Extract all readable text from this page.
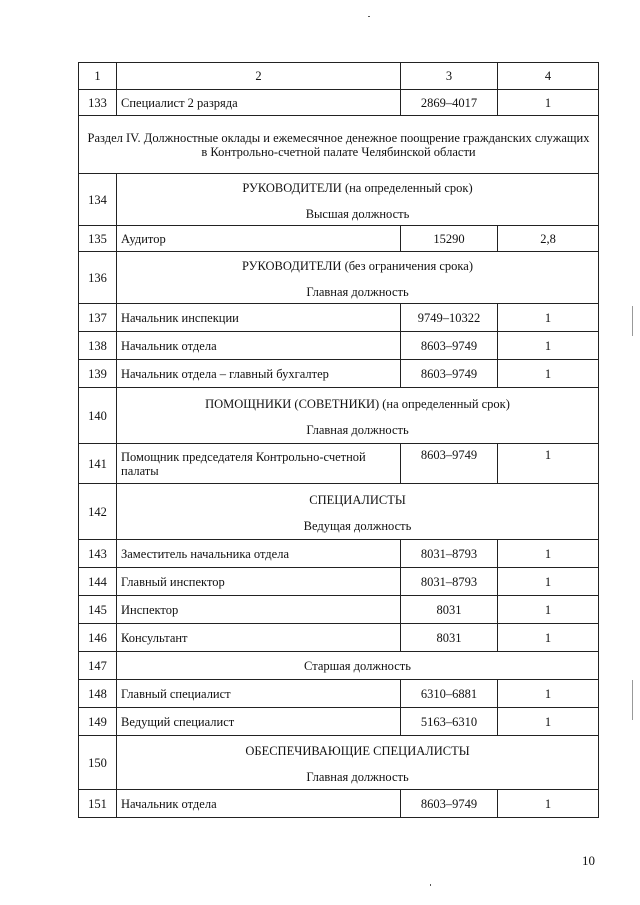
1	2	3	4
133	Специалист 2 разряда	2869–4017	1
Раздел IV. Должностные оклады и ежемесячное денежное поощрение гражданских служащих в Контрольно-счетной палате Челябинской области			
134	РУКОВОДИТЕЛИ (на определенный срок)
Высшая должность		

135	Аудитор	15290	2,8
136	РУКОВОДИТЕЛИ (без ограничения срока)
Главная должность		

137	Начальник инспекции	9749–10322	1
138	Начальник отдела	8603–9749	1
139	Начальник отдела – главный бухгалтер	8603–9749	1
140	ПОМОЩНИКИ (СОВЕТНИКИ) (на определенный срок)
Главная должность		

141	Помощник председателя Контрольно-счетной палаты	8603–9749	1
142	СПЕЦИАЛИСТЫ
Ведущая должность		

143	Заместитель начальника отдела	8031–8793	1
144	Главный инспектор	8031–8793	1
145	Инспектор	8031	1
146	Консультант	8031	1
147	Старшая должность		
148	Главный специалист	6310–6881	1
149	Ведущий специалист	5163–6310	1
150	ОБЕСПЕЧИВАЮЩИЕ СПЕЦИАЛИСТЫ
Главная должность		

151	Начальник отдела	8603–9749	1
10
